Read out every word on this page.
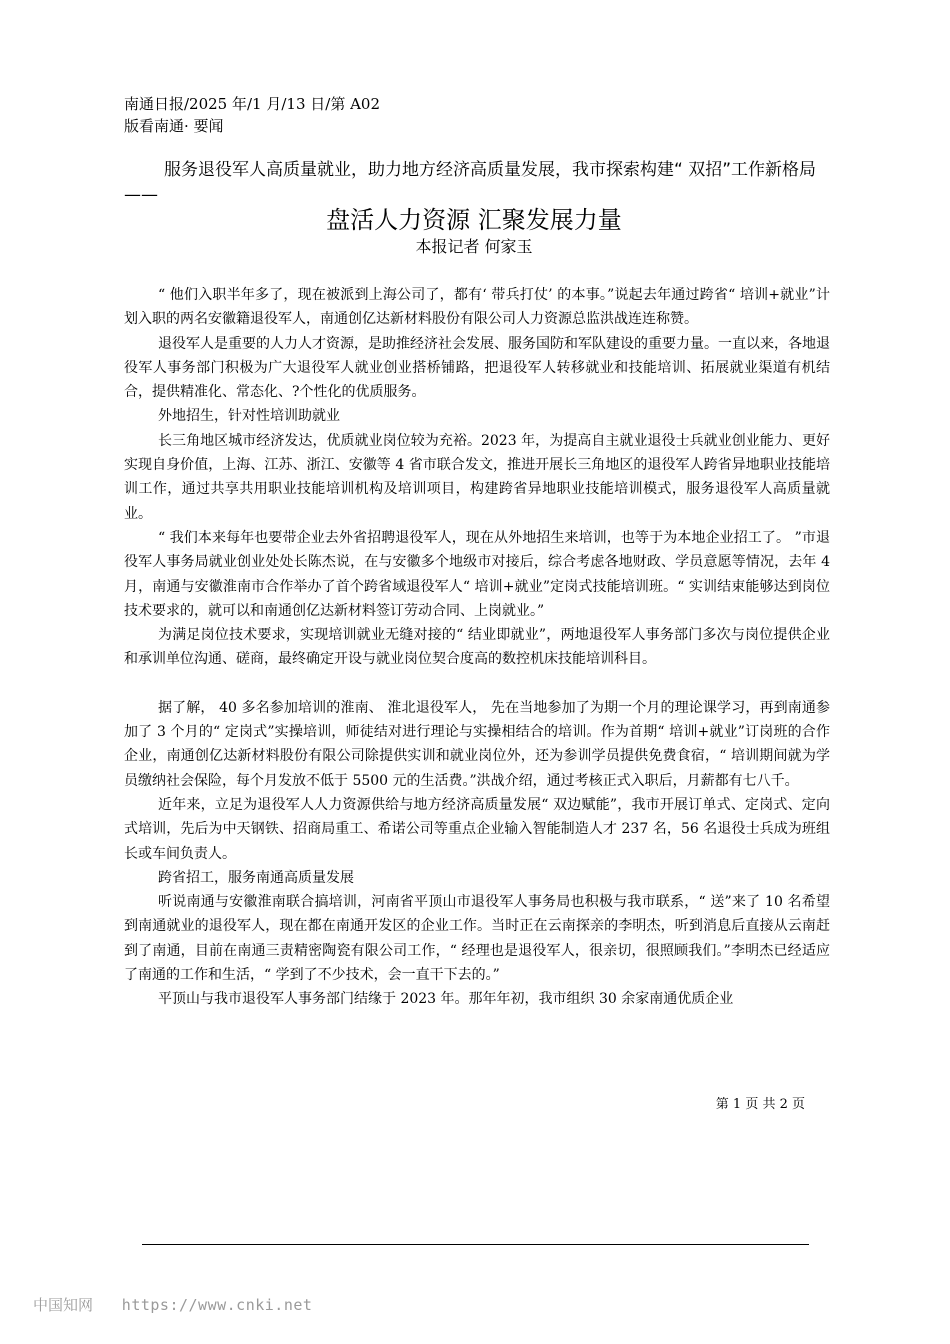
南通日报/2025 年/1 月/13 日/第 A02
版看南通· 要闻
服务退役军人高质量就业，助力地方经济高质量发展，我市探索构建“ 双招”工作新格局——
盘活人力资源 汇聚发展力量
本报记者 何家玉

“ 他们入职半年多了，现在被派到上海公司了，都有‘ 带兵打仗’ 的本事。”说起去年通过跨省“ 培训+就业”计划入职的两名安徽籍退役军人，南通创亿达新材料股份有限公司人力资源总监洪战连连称赞。

退役军人是重要的人力人才资源，是助推经济社会发展、服务国防和军队建设的重要力量。一直以来，各地退役军人事务部门积极为广大退役军人就业创业搭桥铺路，把退役军人转移就业和技能培训、拓展就业渠道有机结合，提供精准化、常态化、?个性化的优质服务。

外地招生，针对性培训助就业

长三角地区城市经济发达，优质就业岗位较为充裕。2023 年，为提高自主就业退役士兵就业创业能力、更好实现自身价值，上海、江苏、浙江、安徽等 4 省市联合发文，推进开展长三角地区的退役军人跨省异地职业技能培训工作，通过共享共用职业技能培训机构及培训项目，构建跨省异地职业技能培训模式，服务退役军人高质量就业。

“ 我们本来每年也要带企业去外省招聘退役军人，现在从外地招生来培训，也等于为本地企业招工了。 ”市退役军人事务局就业创业处处长陈杰说，在与安徽多个地级市对接后，综合考虑各地财政、学员意愿等情况，去年 4 月，南通与安徽淮南市合作举办了首个跨省域退役军人“ 培训+就业”定岗式技能培训班。“ 实训结束能够达到岗位技术要求的，就可以和南通创亿达新材料签订劳动合同、上岗就业。”

为满足岗位技术要求，实现培训就业无缝对接的“ 结业即就业”，两地退役军人事务部门多次与岗位提供企业和承训单位沟通、磋商，最终确定开设与就业岗位契合度高的数控机床技能培训科目。

据了解， 40 多名参加培训的淮南、 淮北退役军人， 先在当地参加了为期一个月的理论课学习，再到南通参加了 3 个月的“ 定岗式”实操培训，师徒结对进行理论与实操相结合的培训。作为首期“ 培训+就业”订岗班的合作企业，南通创亿达新材料股份有限公司除提供实训和就业岗位外，还为参训学员提供免费食宿，“ 培训期间就为学员缴纳社会保险，每个月发放不低于 5500 元的生活费。”洪战介绍，通过考核正式入职后，月薪都有七八千。

近年来，立足为退役军人人力资源供给与地方经济高质量发展“ 双边赋能”，我市开展订单式、定岗式、定向式培训，先后为中天钢铁、招商局重工、希诺公司等重点企业输入智能制造人才 237 名，56 名退役士兵成为班组长或车间负责人。

跨省招工，服务南通高质量发展

听说南通与安徽淮南联合搞培训，河南省平顶山市退役军人事务局也积极与我市联系，“ 送”来了 10 名希望到南通就业的退役军人，现在都在南通开发区的企业工作。当时正在云南探亲的李明杰，听到消息后直接从云南赶到了南通，目前在南通三责精密陶瓷有限公司工作，“ 经理也是退役军人，很亲切，很照顾我们。”李明杰已经适应了南通的工作和生活，“ 学到了不少技术，会一直干下去的。”

平顶山与我市退役军人事务部门结缘于 2023 年。那年年初，我市组织 30 余家南通优质企业

第 1 页 共 2 页
中国知网 https://www.cnki.net
